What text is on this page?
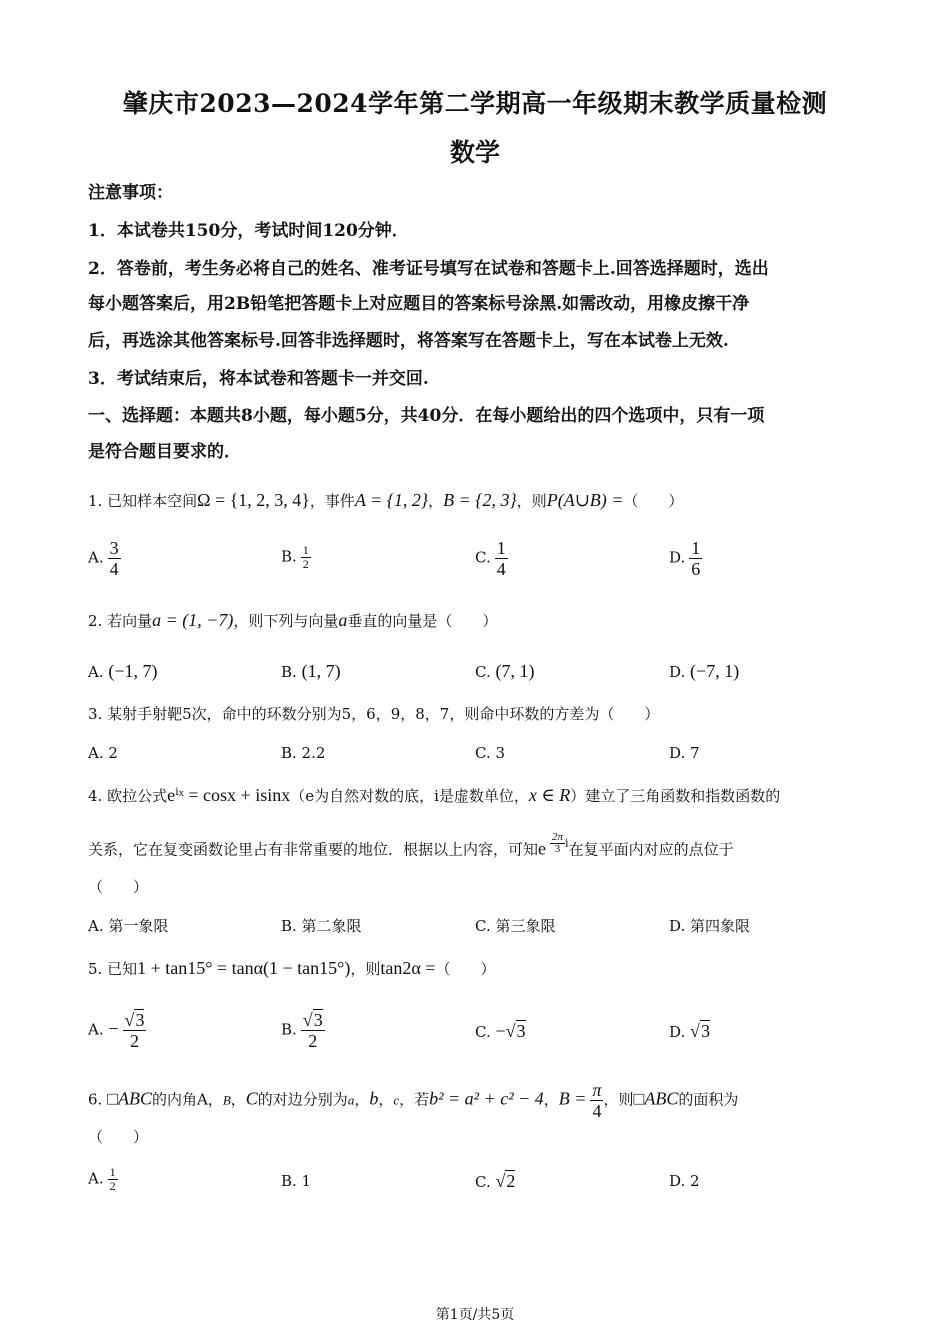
肇庆市2023—2024学年第二学期高一年级期末教学质量检测
数学
注意事项：
1．本试卷共150分，考试时间120分钟．
2．答卷前，考生务必将自己的姓名、准考证号填写在试卷和答题卡上.回答选择题时，选出
每小题答案后，用2B铅笔把答题卡上对应题目的答案标号涂黑.如需改动，用橡皮擦干净
后，再选涂其他答案标号.回答非选择题时，将答案写在答题卡上，写在本试卷上无效.
3．考试结束后，将本试卷和答题卡一并交回.
一、选择题：本题共8小题，每小题5分，共40分．在每小题给出的四个选项中，只有一项
是符合题目要求的．
1. 已知样本空间Ω = {1, 2, 3, 4}，事件A = {1, 2}，B = {2, 3}，则P(A∪B) =（　　）
A. $\frac{3}{4}$	B. $\frac{1}{2}$	C. $\frac{1}{4}$	D. $\frac{1}{6}$
2. 若向量a = (1, −7)，则下列与向量a垂直的向量是（　　）
A. (−1, 7)	B. (1, 7)	C. (7, 1)	D. (−7, 1)
3. 某射手射靶5次，命中的环数分别为5，6，9，8，7，则命中环数的方差为（　　）
A. 2	B. 2.2	C. 3	D. 7
4. 欧拉公式eⁱˣ = cosx + isinx（e为自然对数的底，i是虚数单位，x ∈ R）建立了三角函数和指数函数的
关系，它在复变函数论里占有非常重要的地位．根据以上内容，可知e $\frac{2\pi}{3}$ i在复平面内对应的点位于
（　　）
A. 第一象限	B. 第二象限	C. 第三象限	D. 第四象限
5. 已知1 + tan15° = tanα(1 − tan15°)，则tan2α =（　　）
A. − $\frac{√3}{2}$	B. $\frac{√3}{2}$	C. −√3	D. √3
6. □ABC的内角A，B，C的对边分别为a，b，c，若b² = a² + c² − 4，$B = \frac{\pi}{4}$ ，则□ABC的面积为
（　　）
A. $\frac{1}{2}$	B. 1	C. √2	D. 2
第1页/共5页
